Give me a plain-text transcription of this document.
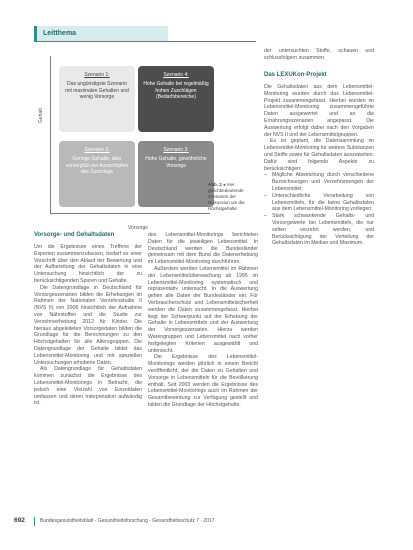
Leitthema
Gehalt
Vorsorge
Szenario 1:
Das ungünstigste Szenario mit maximalen Gehalten und wenig Vorsorge
Szenario 4:
Hohe Gehalte bei regelmäßig hohen Zuschlägen (Bedarfsbereiche)
Szenario 2:
Geringe Gehalte, aber vorsorglich ein Ausschöpfen des Zuschlags
Szenario 3:
Hohe Gehalte, gewöhnliche Vorsorge
Abb. 2 ◂ Vier gleichbedeutende Szenarien der Diskussion um die Höchstgehalte
Vorsorge- und Gehaltsdaten

Um die Ergebnisse eines Treffens der Experten zusammenzufassen, bedarf es einer Vorschrift über den Ablauf der Bewertung und der Aufbereitung der Gehaltsdaten in eine Untersuchung hinsichtlich der zu berücksichtigenden Spuren und Gehalte.

Die Datengrundlage in Deutschland für Vorsorgeszenarien bilden die Erhebungen im Rahmen der Nationalen Verzehrsstudie II (NVS II) von 2006 hinsichtlich der Aufnahme von Nährstoffen und die Studie zur Verzehrserhebung 2012 für Kinder. Die hieraus abgeleiteten Vorsorgedaten bilden die Grundlage für die Berechnungen zu den Höchstgehalten für alle Altersgruppen. Die Datengrundlage der Gehalte bildet das Lebensmittel-Monitoring und mit speziellen Untersuchungen erhobene Daten.

Als Datengrundlage für Gehaltsdaten kommen zunächst die Ergebnisse des Lebensmittel-Monitorings in Betracht, die jedoch eine Vielzahl von Einzeldaten umfassen und deren Interpretation aufwändig ist.

des Lebensmittel-Monitorings berichteten Daten für die jeweiligen Lebensmittel. In Deutschland werden die Bundesländer gemeinsam mit dem Bund die Datenerhebung im Lebensmittel-Monitoring durchführen.

Außerdem werden Lebensmittel im Rahmen der Lebensmittelüberwachung ab 1995 im Lebensmittel-Monitoring systematisch und repräsentativ untersucht. In die Auswertung gehen alle Daten der Bundesländer ein. Für Verbraucherschutz und Lebensmittelsicherheit werden die Daten zusammengefasst. Hierbei liegt der Schwerpunkt auf der Erhebung der Gehalte in Lebensmitteln und der Auswertung der Vorsorgeszenarien. Hierzu werden Warengruppen und Lebensmittel nach vorher festgelegten Kriterien ausgewählt und untersucht.

Die Ergebnisse des Lebensmittel-Monitorings werden jährlich in einem Bericht veröffentlicht, der die Daten zu Gehalten und Vorsorge in Lebensmitteln für die Bevölkerung enthält. Seit 2003 werden die Ergebnisse des Lebensmittel-Monitorings auch im Rahmen der Gesamtbewertung zur Verfügung gestellt und bilden die Grundlage der Höchstgehalte.

der untersuchten Stoffe, schauen und schlussfolgern zusammen.
Das LEXUKon-Projekt

Die Gehaltsdaten aus dem Lebensmittel-Monitoring wurden durch das Lebensmittel-Projekt zusammengefasst. Hierbei wurden im Lebensmittel-Monitoring zusammengeführte Daten ausgewertet und an die Ernährungsszenarien angepasst. Die Auswertung erfolgt dabei nach den Vorgaben der NVS II und der Lebensmittelgruppen.

Es ist geplant, die Datensammlung im Lebensmittel-Monitoring für weitere Substanzen und Stoffe sowie für Gehaltsdaten auszuweiten. Dafür sind folgende Aspekte zu berücksichtigen:

– Mögliche Abweichung durch verschiedene Bezeichnungen und Verzehrsmengen der Lebensmittel;
– Unterschiedliche Verarbeitung von Lebensmitteln, für die keine Gehaltsdaten aus dem Lebensmittel-Monitoring vorliegen;
– Stark schwankende Gehalts- und Vorsorgewerte bei Lebensmitteln, die nur selten verzehrt werden, und Berücksichtigung der Verteilung der Gehaltsdaten im Median und Maximum.
692	Bundesgesundheitsblatt - Gesundheitsforschung - Gesundheitsschutz 7 · 2017
